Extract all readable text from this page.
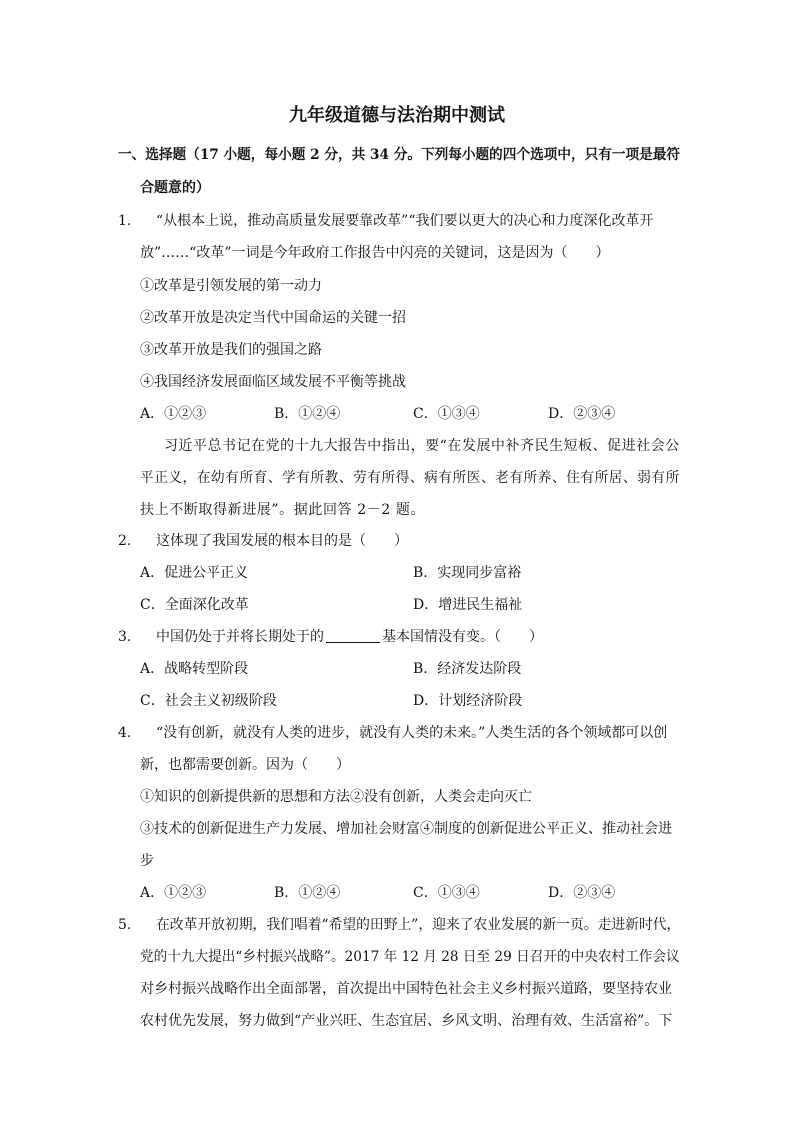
九年级道德与法治期中测试
一、选择题（17 小题，每小题 2 分，共 34 分。下列每小题的四个选项中，只有一项是最符
合题意的）
1. “从根本上说，推动高质量发展要靠改革”“我们要以更大的决心和力度深化改革开
放”……“改革”一词是今年政府工作报告中闪亮的关键词，这是因为（　　）
①改革是引领发展的第一动力
②改革开放是决定当代中国命运的关键一招
③改革开放是我们的强国之路
④我国经济发展面临区域发展不平衡等挑战
A．①②③	B．①②④	C．①③④	D．②③④
习近平总书记在党的十九大报告中指出，要“在发展中补齐民生短板、促进社会公
平正义，在幼有所育、学有所教、劳有所得、病有所医、老有所养、住有所居、弱有所
扶上不断取得新进展”。据此回答 2－2 题。
2. 这体现了我国发展的根本目的是（　　）
A．促进公平正义	B．实现同步富裕
C．全面深化改革	D．增进民生福祉
3. 中国仍处于并将长期处于的	基本国情没有变。（　　）
A．战略转型阶段	B．经济发达阶段
C．社会主义初级阶段	D．计划经济阶段
4. “没有创新，就没有人类的进步，就没有人类的未来。”人类生活的各个领域都可以创
新，也都需要创新。因为（　　）
①知识的创新提供新的思想和方法②没有创新，人类会走向灭亡
③技术的创新促进生产力发展、增加社会财富④制度的创新促进公平正义、推动社会进
步
A．①②③	B．①②④	C．①③④	D．②③④
5. 在改革开放初期，我们唱着“希望的田野上”，迎来了农业发展的新一页。走进新时代，
党的十九大提出“乡村振兴战略”。2017 年 12 月 28 日至 29 日召开的中央农村工作会议
对乡村振兴战略作出全面部署，首次提出中国特色社会主义乡村振兴道路，要坚持农业
农村优先发展，努力做到“产业兴旺、生态宜居、乡风文明、治理有效、生活富裕”。下
